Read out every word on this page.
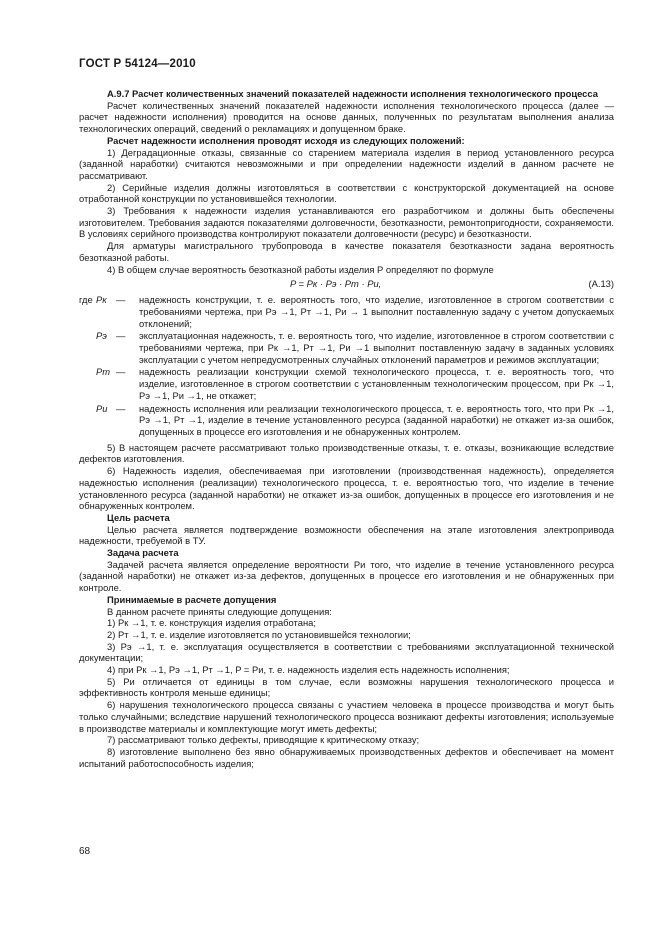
ГОСТ Р 54124—2010

А.9.7 Расчет количественных значений показателей надежности исполнения технологического процесса

Расчет количественных значений показателей надежности исполнения технологического процесса (далее — расчет надежности исполнения) проводится на основе данных, полученных по результатам выполнения анализа технологических операций, сведений о рекламациях и допущенном браке.

Расчет надежности исполнения проводят исходя из следующих положений:

1) Деградационные отказы, связанные со старением материала изделия в период установленного ресурса (заданной наработки) считаются невозможными и при определении надежности изделий в данном расчете не рассматривают.

2) Серийные изделия должны изготовляться в соответствии с конструкторской документацией на основе отработанной конструкции по установившейся технологии.

3) Требования к надежности изделия устанавливаются его разработчиком и должны быть обеспечены изготовителем. Требования задаются показателями долговечности, безотказности, ремонтопригодности, сохраняемости. В условиях серийного производства контролируют показатели долговечности (ресурс) и безотказности.

Для арматуры магистрального трубопровода в качестве показателя безотказности задана вероятность безотказной работы.

4) В общем случае вероятность безотказной работы изделия Р определяют по формуле

P = Pк · Pэ · Pт · Pи,	(А.13)
где Pк — надежность конструкции, т. е. вероятность того, что изделие, изготовленное в строгом соответствии с требованиями чертежа, при Pэ →1, Pт →1, Pи → 1 выполнит поставленную задачу с учетом допускаемых отклонений;
Pэ — эксплуатационная надежность, т. е. вероятность того, что изделие, изготовленное в строгом соответствии с требованиями чертежа, при Pк →1, Pт →1, Pи →1 выполнит поставленную задачу в заданных условиях эксплуатации с учетом непредусмотренных случайных отклонений параметров и режимов эксплуатации;
Pт — надежность реализации конструкции схемой технологического процесса, т. е. вероятность того, что изделие, изготовленное в строгом соответствии с установленным технологическим процессом, при Pк →1, Pэ →1, Pи →1, не откажет;
Pи — надежность исполнения или реализации технологического процесса, т. е. вероятность того, что при Pк →1, Pэ →1, Pт →1, изделие в течение установленного ресурса (заданной наработки) не откажет из-за ошибок, допущенных в процессе его изготовления и не обнаруженных контролем.

5) В настоящем расчете рассматривают только производственные отказы, т. е. отказы, возникающие вследствие дефектов изготовления.

6) Надежность изделия, обеспечиваемая при изготовлении (производственная надежность), определяется надежностью исполнения (реализации) технологического процесса, т. е. вероятностью того, что изделие в течение установленного ресурса (заданной наработки) не откажет из-за ошибок, допущенных в процессе его изготовления и не обнаруженных контролем.

Цель расчета

Целью расчета является подтверждение возможности обеспечения на этапе изготовления электропривода надежности, требуемой в ТУ.

Задача расчета

Задачей расчета является определение вероятности Pи того, что изделие в течение установленного ресурса (заданной наработки) не откажет из-за дефектов, допущенных в процессе его изготовления и не обнаруженных при контроле.

Принимаемые в расчете допущения

В данном расчете приняты следующие допущения:

1) Pк →1, т. е. конструкция изделия отработана;

2) Pт →1, т. е. изделие изготовляется по установившейся технологии;

3) Pэ →1, т. е. эксплуатация осуществляется в соответствии с требованиями эксплуатационной технической документации;

4) при Pк →1, Pэ →1, Pт →1, P = Pи, т. е. надежность изделия есть надежность исполнения;

5) Pи отличается от единицы в том случае, если возможны нарушения технологического процесса и эффективность контроля меньше единицы;

6) нарушения технологического процесса связаны с участием человека в процессе производства и могут быть только случайными; вследствие нарушений технологического процесса возникают дефекты изготовления; используемые в производстве материалы и комплектующие могут иметь дефекты;

7) рассматривают только дефекты, приводящие к критическому отказу;

8) изготовление выполнено без явно обнаруживаемых производственных дефектов и обеспечивает на момент испытаний работоспособность изделия;

68
